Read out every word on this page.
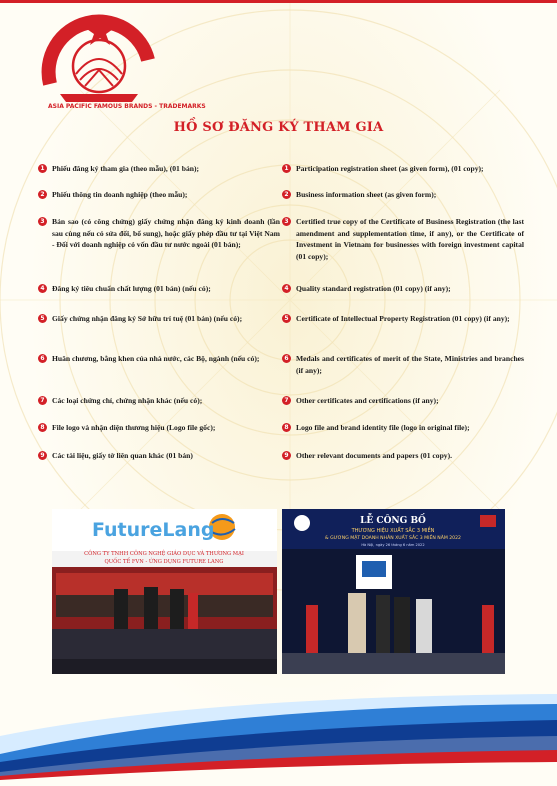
ASIA PACIFIC FAMOUS BRANDS - TRADEMARKS
HỒ SƠ ĐĂNG KÝ THAM GIA
1 Phiếu đăng ký tham gia (theo mẫu), (01 bản);
2 Phiếu thông tin doanh nghiệp (theo mẫu);
3 Bản sao (có công chứng) giấy chứng nhận đăng ký kinh doanh (lần sau cùng nếu có sửa đổi, bổ sung), hoặc giấy phép đầu tư tại Việt Nam - Đối với doanh nghiệp có vốn đầu tư nước ngoài (01 bản);
4 Đăng ký tiêu chuẩn chất lượng (01 bản) (nếu có);
5 Giấy chứng nhận đăng ký Sở hữu trí tuệ (01 bản) (nếu có);
6 Huân chương, bằng khen của nhà nước, các Bộ, ngành (nếu có);
7 Các loại chứng chỉ, chứng nhận khác (nếu có);
8 File logo và nhận diện thương hiệu (Logo file gốc);
9 Các tài liệu, giấy tờ liên quan khác (01 bản)
1 Participation registration sheet (as given form), (01 copy);
2 Business information sheet (as given form);
3 Certified true copy of the Certificate of Business Registration (the last amendment and supplementation time, if any), or the Certificate of Investment in Vietnam for businesses with foreign investment capital (01 copy);
4 Quality standard registration (01 copy) (if any);
5 Certificate of Intellectual Property Registration (01 copy) (if any);
6 Medals and certificates of merit of the State, Ministries and branches (if any);
7 Other certificates and certifications (if any);
8 Logo file and brand identity file (logo in original file);
9 Other relevant documents and papers (01 copy).
FutureLang
CÔNG TY TNHH CÔNG NGHỆ GIÁO DỤC VÀ THƯƠNG MẠI
QUỐC TẾ FVN - ỨNG DỤNG FUTURE LANG
LỄ CÔNG BỐ
THƯƠNG HIỆU XUẤT SẮC 3 MIỀN
& GƯƠNG MẶT DOANH NHÂN XUẤT SẮC 3 MIỀN NĂM 2022
Hà Nội, ngày 26 tháng 6 năm 2022
